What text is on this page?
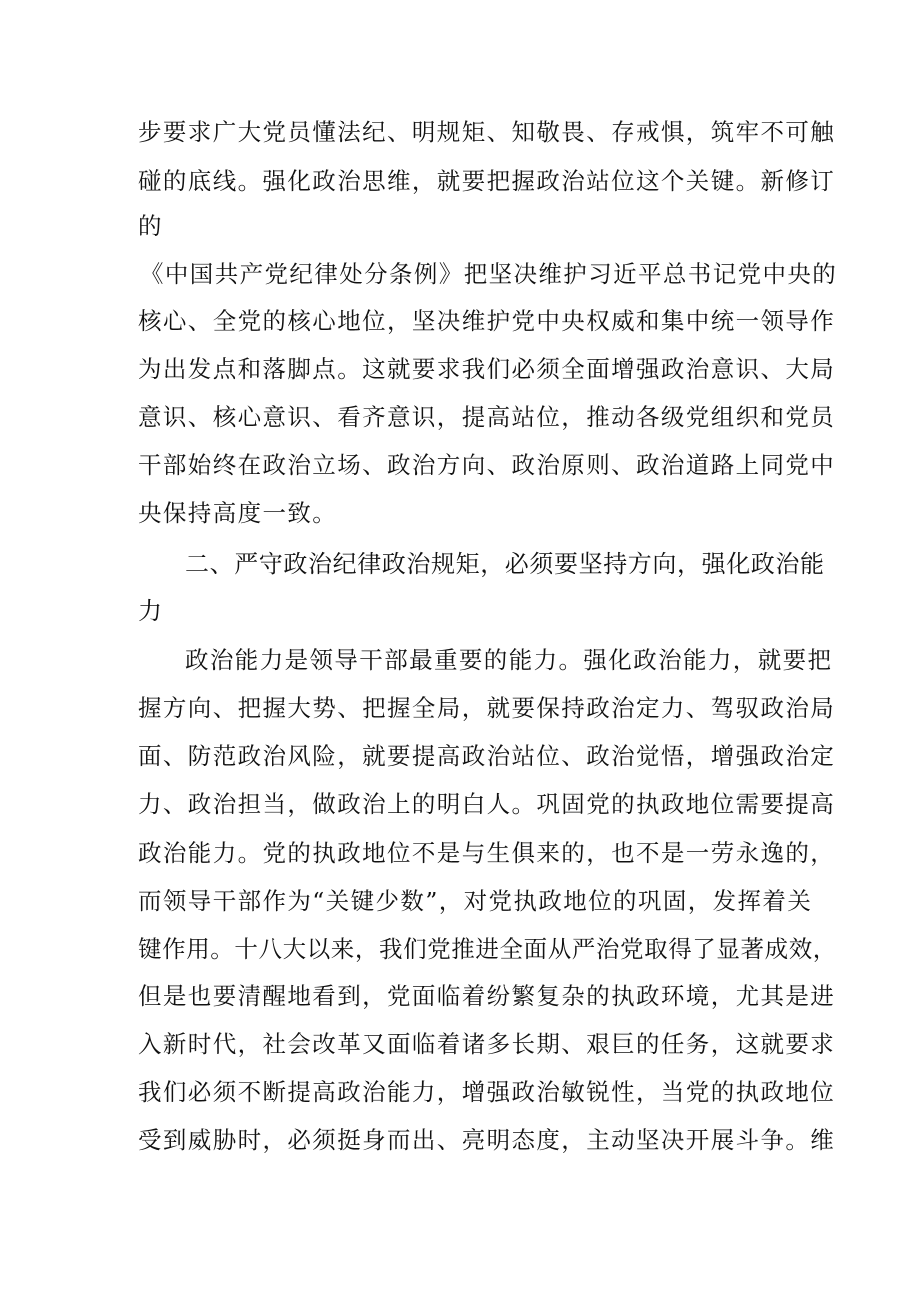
步要求广大党员懂法纪、明规矩、知敬畏、存戒惧，筑牢不可触
碰的底线。强化政治思维，就要把握政治站位这个关键。新修订
的
《中国共产党纪律处分条例》把坚决维护习近平总书记党中央的
核心、全党的核心地位，坚决维护党中央权威和集中统一领导作
为出发点和落脚点。这就要求我们必须全面增强政治意识、大局
意识、核心意识、看齐意识，提高站位，推动各级党组织和党员
干部始终在政治立场、政治方向、政治原则、政治道路上同党中
央保持高度一致。
二、严守政治纪律政治规矩，必须要坚持方向，强化政治能
力
政治能力是领导干部最重要的能力。强化政治能力，就要把
握方向、把握大势、把握全局，就要保持政治定力、驾驭政治局
面、防范政治风险，就要提高政治站位、政治觉悟，增强政治定
力、政治担当，做政治上的明白人。巩固党的执政地位需要提高
政治能力。党的执政地位不是与生俱来的，也不是一劳永逸的，
而领导干部作为“关键少数”，对党执政地位的巩固，发挥着关
键作用。十八大以来，我们党推进全面从严治党取得了显著成效，
但是也要清醒地看到，党面临着纷繁复杂的执政环境，尤其是进
入新时代，社会改革又面临着诸多长期、艰巨的任务，这就要求
我们必须不断提高政治能力，增强政治敏锐性，当党的执政地位
受到威胁时，必须挺身而出、亮明态度，主动坚决开展斗争。维
